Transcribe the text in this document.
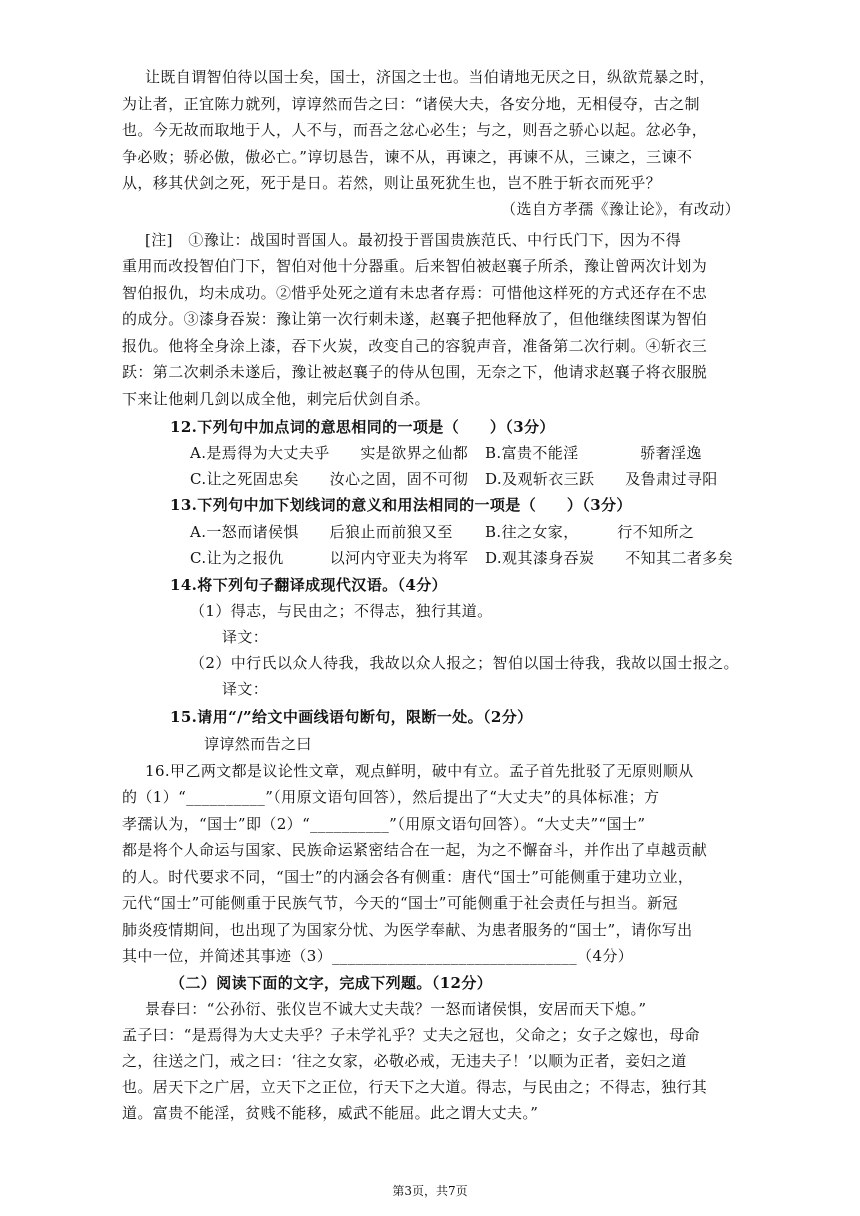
让既自谓智伯待以国士矣，国士，济国之士也。当伯请地无厌之日，纵欲荒暴之时，
为让者，正宜陈力就列，谆谆然而告之曰：“诸侯大夫，各安分地，无相侵夺，古之制
也。今无故而取地于人，人不与，而吾之忿心必生；与之，则吾之骄心以起。忿必争，
争必败；骄必傲，傲必亡。”谆切恳告，谏不从，再谏之，再谏不从，三谏之，三谏不
从，移其伏剑之死，死于是日。若然，则让虽死犹生也，岂不胜于斩衣而死乎？
（选自方孝孺《豫让论》，有改动）
[注]　①豫让：战国时晋国人。最初投于晋国贵族范氏、中行氏门下，因为不得
重用而改投智伯门下，智伯对他十分器重。后来智伯被赵襄子所杀，豫让曾两次计划为
智伯报仇，均未成功。②惜乎处死之道有未忠者存焉：可惜他这样死的方式还存在不忠
的成分。③漆身吞炭：豫让第一次行刺未遂，赵襄子把他释放了，但他继续图谋为智伯
报仇。他将全身涂上漆，吞下火炭，改变自己的容貌声音，准备第二次行刺。④斩衣三
跃：第二次刺杀未遂后，豫让被赵襄子的侍从包围，无奈之下，他请求赵襄子将衣服脱
下来让他刺几剑以成全他，刺完后伏剑自杀。
12.下列句中加点词的意思相同的一项是（　　）（3分）
A.是焉得为大丈夫乎　　实是欲界之仙都 B.富贵不能淫　　　　骄奢淫逸
C.让之死固忠矣　　汝心之固，固不可彻 D.及观斩衣三跃　　及鲁肃过寻阳
13.下列句中加下划线词的意义和用法相同的一项是（　　）（3分）
A.一怒而诸侯惧　　后狼止而前狼又至 B.往之女家，　　　行不知所之
C.让为之报仇　　　以河内守亚夫为将军 D.观其漆身吞炭　　不知其二者多矣
14.将下列句子翻译成现代汉语。（4分）
（1）得志，与民由之；不得志，独行其道。
译文：
（2）中行氏以众人待我，我故以众人报之；智伯以国士待我，我故以国士报之。
译文：
15.请用“/”给文中画线语句断句，限断一处。（2分）
谆谆然而告之曰
16.甲乙两文都是议论性文章，观点鲜明，破中有立。孟子首先批驳了无原则顺从
的（1）“__________”（用原文语句回答），然后提出了“大丈夫”的具体标准；方
孝孺认为，“国士”即（2）“__________”（用原文语句回答）。“大丈夫”“国士”
都是将个人命运与国家、民族命运紧密结合在一起，为之不懈奋斗，并作出了卓越贡献
的人。时代要求不同，“国士”的内涵会各有侧重：唐代“国士”可能侧重于建功立业，
元代“国士”可能侧重于民族气节，今天的“国士”可能侧重于社会责任与担当。新冠
肺炎疫情期间，也出现了为国家分忧、为医学奉献、为患者服务的“国士”，请你写出
其中一位，并简述其事迹（3）_______________________________（4分）
（二）阅读下面的文字，完成下列题。（12分）
景春曰：“公孙衍、张仪岂不诚大丈夫哉？一怒而诸侯惧，安居而天下熄。”
孟子曰：“是焉得为大丈夫乎？子未学礼乎？丈夫之冠也，父命之；女子之嫁也，母命
之，往送之门，戒之曰：‘往之女家，必敬必戒，无违夫子！’以顺为正者，妾妇之道
也。居天下之广居，立天下之正位，行天下之大道。得志，与民由之；不得志，独行其
道。富贵不能淫，贫贱不能移，威武不能屈。此之谓大丈夫。”
第3页，共7页
